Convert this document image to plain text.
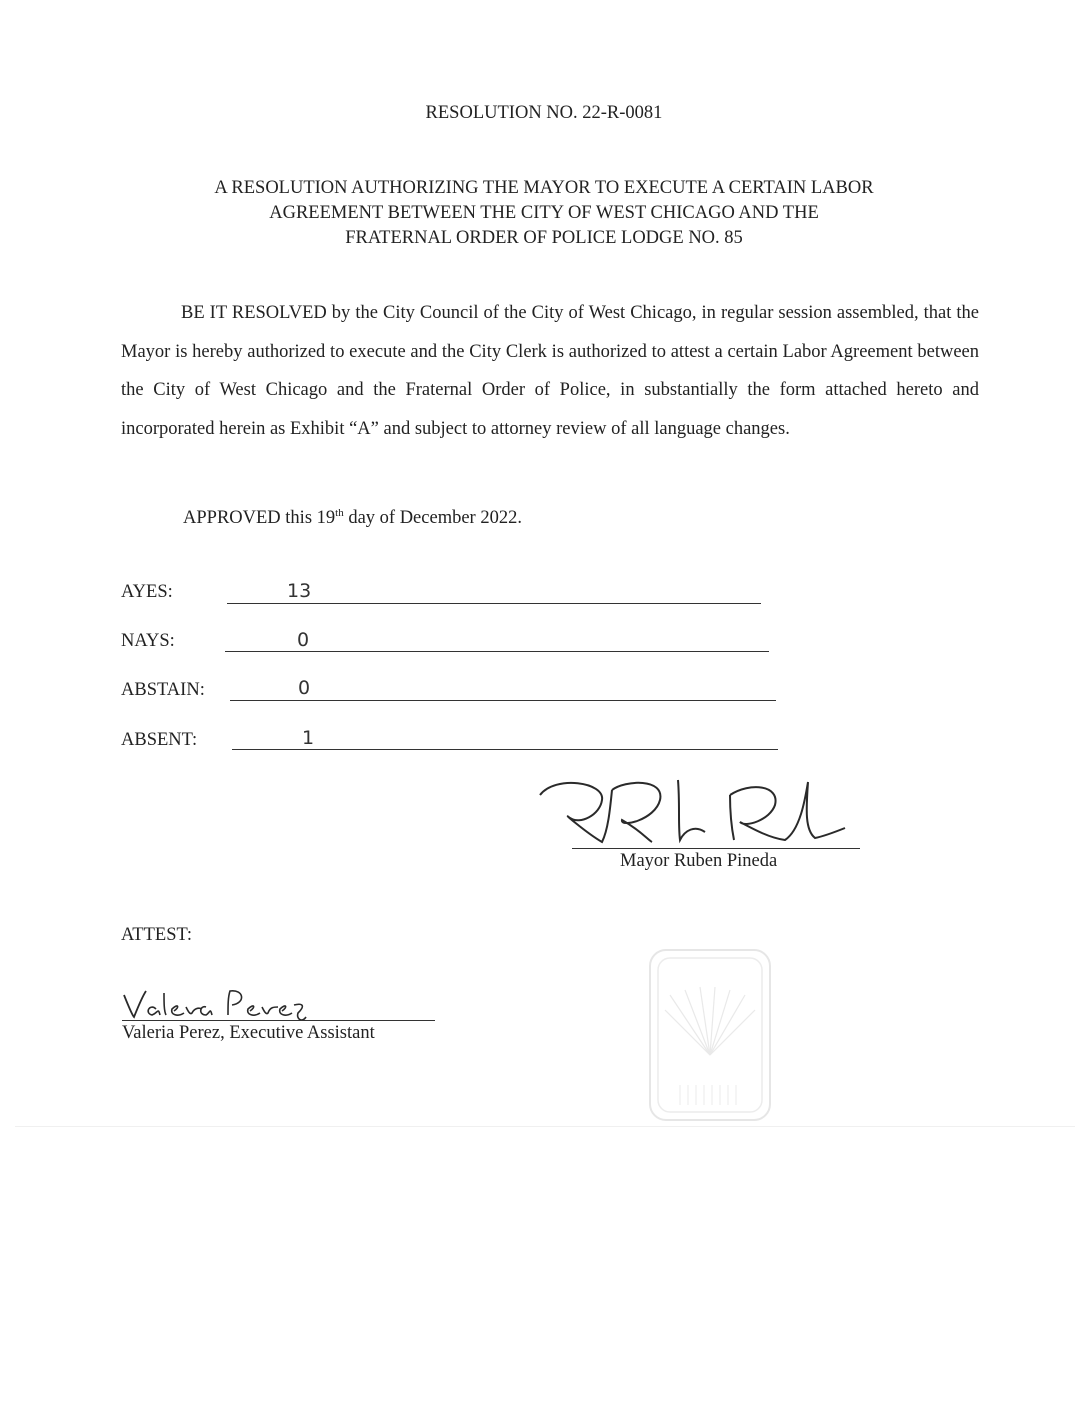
RESOLUTION NO. 22-R-0081
A RESOLUTION AUTHORIZING THE MAYOR TO EXECUTE A CERTAIN LABOR
AGREEMENT BETWEEN THE CITY OF WEST CHICAGO AND THE
FRATERNAL ORDER OF POLICE LODGE NO. 85
BE IT RESOLVED by the City Council of the City of West Chicago, in regular session assembled, that the Mayor is hereby authorized to execute and the City Clerk is authorized to attest a certain Labor Agreement between the City of West Chicago and the Fraternal Order of Police, in substantially the form attached hereto and incorporated herein as Exhibit “A” and subject to attorney review of all language changes.
APPROVED this 19th day of December 2022.
AYES:	13
NAYS:	0
ABSTAIN:	0
ABSENT:	1
Mayor Ruben Pineda
ATTEST:
Valeria Perez, Executive Assistant
